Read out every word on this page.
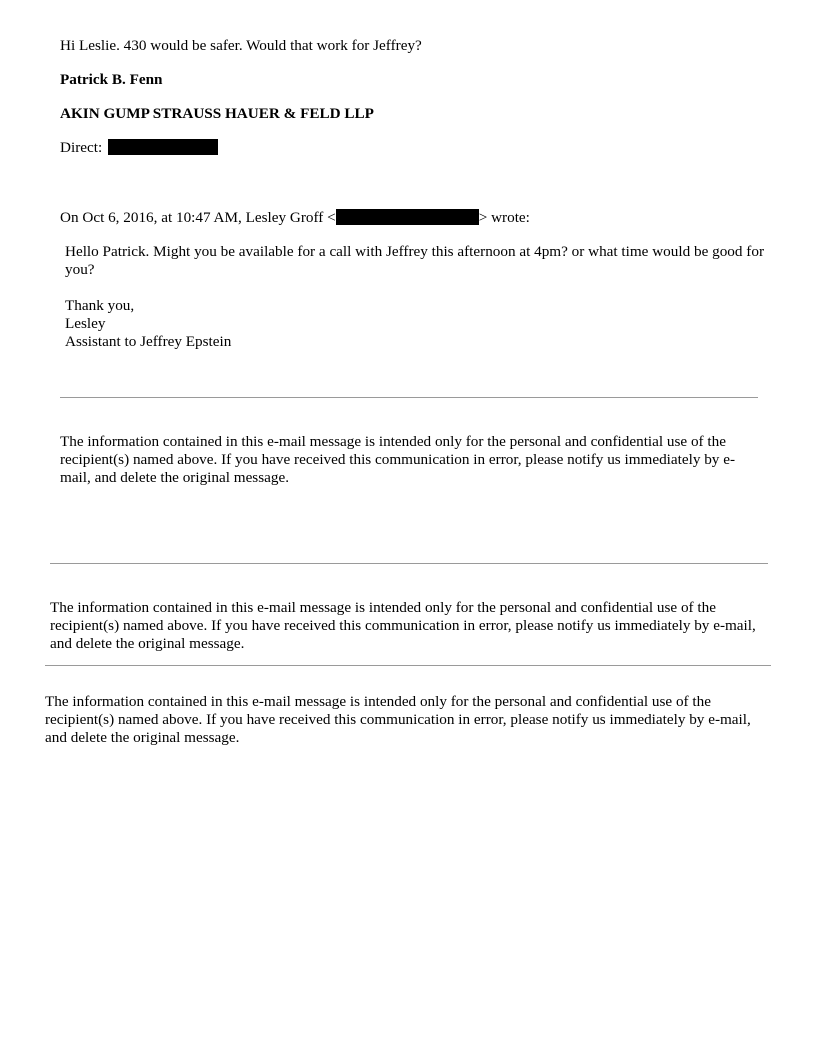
Hi Leslie. 430 would be safer. Would that work for Jeffrey?
Patrick B. Fenn
AKIN GUMP STRAUSS HAUER & FELD LLP
Direct:
On Oct 6, 2016, at 10:47 AM, Lesley Groff <	> wrote:
Hello Patrick. Might you be available for a call with Jeffrey this afternoon at 4pm? or what time would be good for you?
Thank you,
Lesley
Assistant to Jeffrey Epstein
The information contained in this e-mail message is intended only for the personal and confidential use of the recipient(s) named above. If you have received this communication in error, please notify us immediately by e-mail, and delete the original message.
The information contained in this e-mail message is intended only for the personal and confidential use of the recipient(s) named above. If you have received this communication in error, please notify us immediately by e-mail, and delete the original message.
The information contained in this e-mail message is intended only for the personal and confidential use of the recipient(s) named above. If you have received this communication in error, please notify us immediately by e-mail, and delete the original message.
